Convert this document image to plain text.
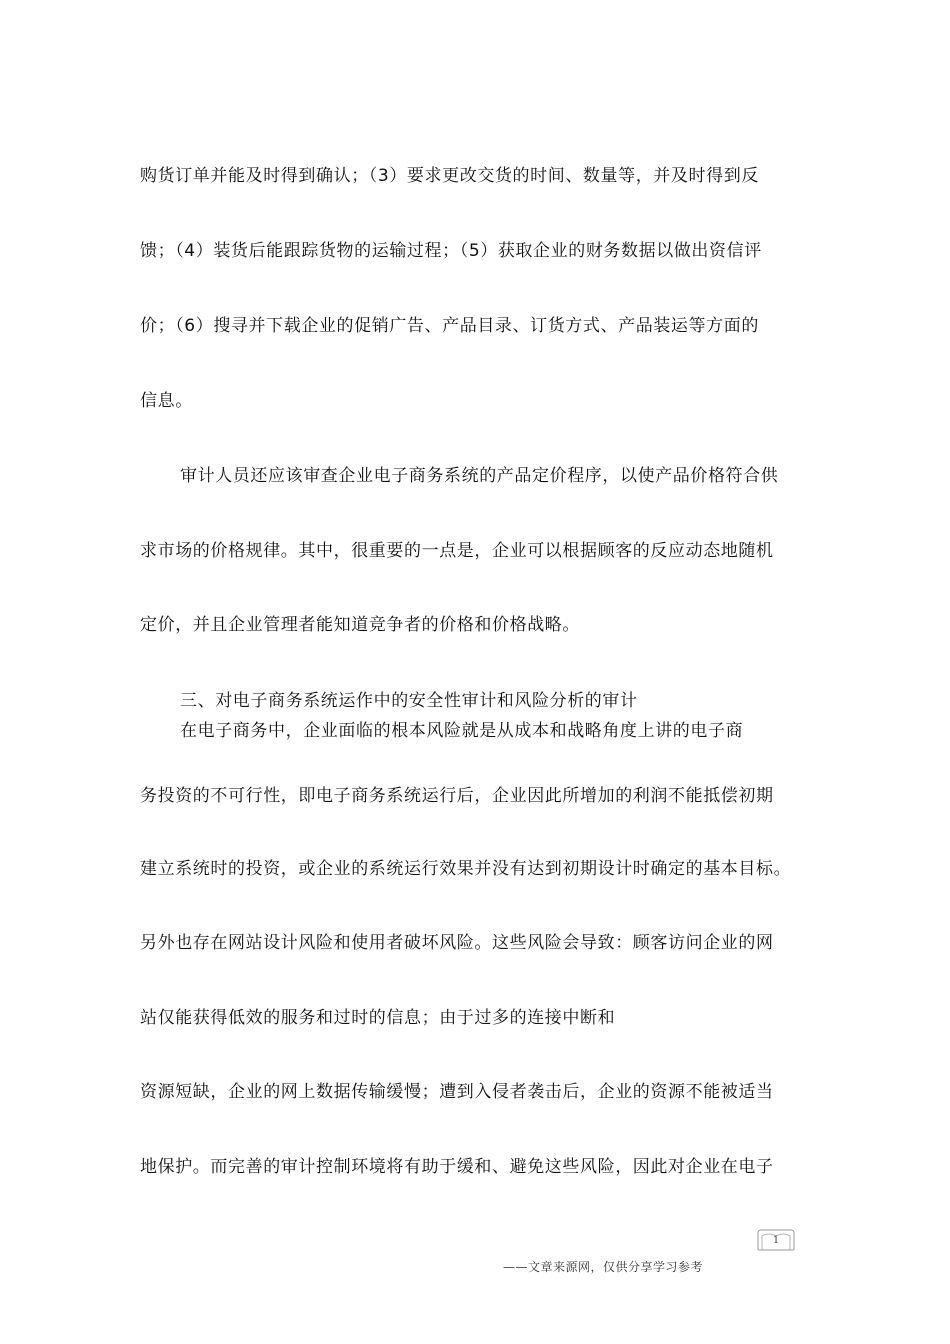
购货订单并能及时得到确认；（3）要求更改交货的时间、数量等，并及时得到反
馈；（4）装货后能跟踪货物的运输过程；（5）获取企业的财务数据以做出资信评
价；（6）搜寻并下载企业的促销广告、产品目录、订货方式、产品装运等方面的
信息。
审计人员还应该审查企业电子商务系统的产品定价程序，以使产品价格符合供
求市场的价格规律。其中，很重要的一点是，企业可以根据顾客的反应动态地随机
定价，并且企业管理者能知道竞争者的价格和价格战略。
三、对电子商务系统运作中的安全性审计和风险分析的审计
在电子商务中，企业面临的根本风险就是从成本和战略角度上讲的电子商
务投资的不可行性，即电子商务系统运行后，企业因此所增加的利润不能抵偿初期
建立系统时的投资，或企业的系统运行效果并没有达到初期设计时确定的基本目标。
另外也存在网站设计风险和使用者破坏风险。这些风险会导致：顾客访问企业的网
站仅能获得低效的服务和过时的信息；由于过多的连接中断和
资源短缺，企业的网上数据传输缓慢；遭到入侵者袭击后，企业的资源不能被适当
地保护。而完善的审计控制环境将有助于缓和、避免这些风险，因此对企业在电子
1
——文章来源网，仅供分享学习参考
